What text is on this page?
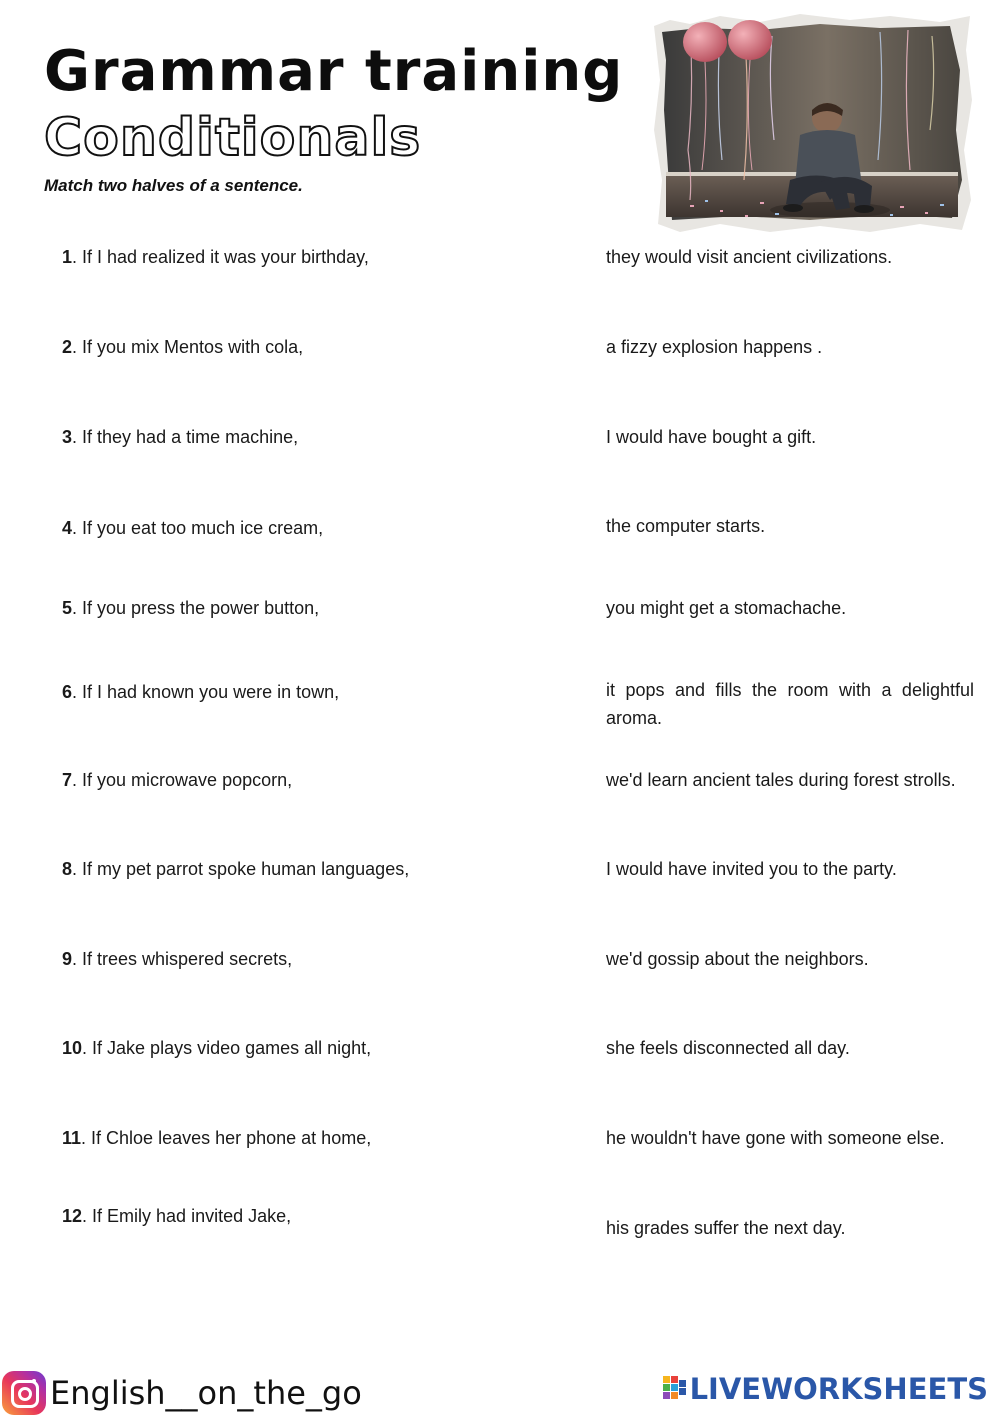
Grammar training
Conditionals
Match two halves of a sentence.
1. If I had realized it was your birthday,
2. If you mix Mentos with cola,
3. If they had a time machine,
4. If you eat too much ice cream,
5. If you press the power button,
6. If I had known you were in town,
7. If you microwave popcorn,
8. If my pet parrot spoke human languages,
9. If trees whispered secrets,
10. If Jake plays video games all night,
11. If Chloe leaves her phone at home,
12. If Emily had invited Jake,
they would visit ancient civilizations.
a fizzy explosion happens .
I would have bought a gift.
the computer starts.
you might get a stomachache.
it pops and fills the room with a delightful aroma.
we'd learn ancient tales during forest strolls.
I would have invited you to the party.
we'd gossip about the neighbors.
she feels disconnected all day.
he wouldn't have gone with someone else.
his grades suffer the next day.
English__on_the_go	LIVEWORKSHEETS
